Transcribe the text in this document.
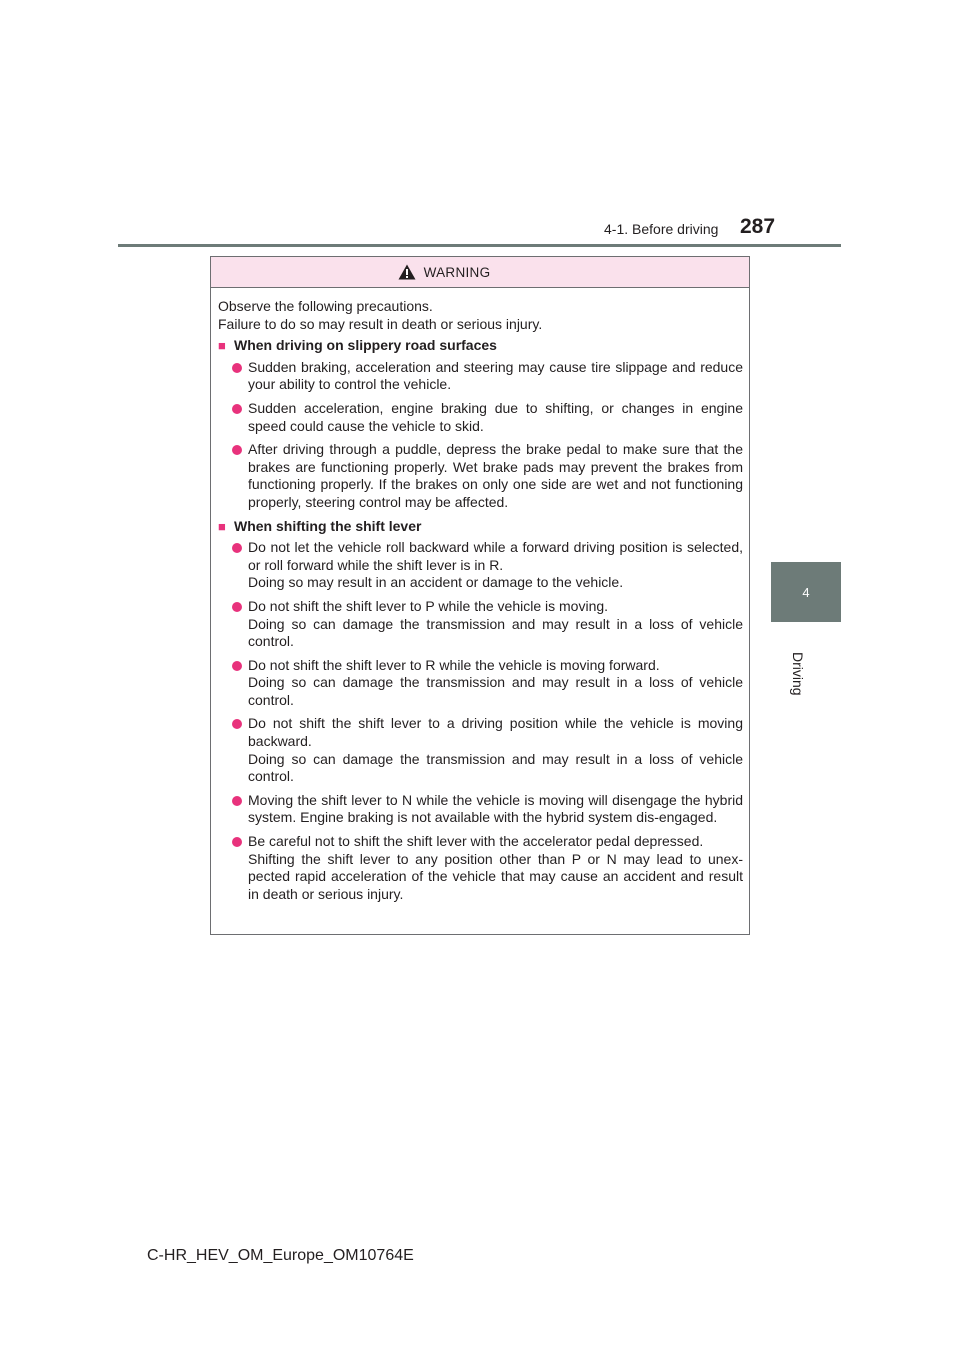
4-1. Before driving 287
4
Driving
WARNING
Observe the following precautions.
Failure to do so may result in death or serious injury.
■ When driving on slippery road surfaces
Sudden braking, acceleration and steering may cause tire slippage and reduce your ability to control the vehicle.
Sudden acceleration, engine braking due to shifting, or changes in engine speed could cause the vehicle to skid.
After driving through a puddle, depress the brake pedal to make sure that the brakes are functioning properly. Wet brake pads may prevent the brakes from functioning properly. If the brakes on only one side are wet and not functioning properly, steering control may be affected.
■ When shifting the shift lever
Do not let the vehicle roll backward while a forward driving position is selected, or roll forward while the shift lever is in R.
Doing so may result in an accident or damage to the vehicle.
Do not shift the shift lever to P while the vehicle is moving.
Doing so can damage the transmission and may result in a loss of vehicle control.
Do not shift the shift lever to R while the vehicle is moving forward.
Doing so can damage the transmission and may result in a loss of vehicle control.
Do not shift the shift lever to a driving position while the vehicle is moving backward.
Doing so can damage the transmission and may result in a loss of vehicle control.
Moving the shift lever to N while the vehicle is moving will disengage the hybrid system. Engine braking is not available with the hybrid system dis-engaged.
Be careful not to shift the shift lever with the accelerator pedal depressed.
Shifting the shift lever to any position other than P or N may lead to unex-pected rapid acceleration of the vehicle that may cause an accident and result in death or serious injury.
C-HR_HEV_OM_Europe_OM10764E
